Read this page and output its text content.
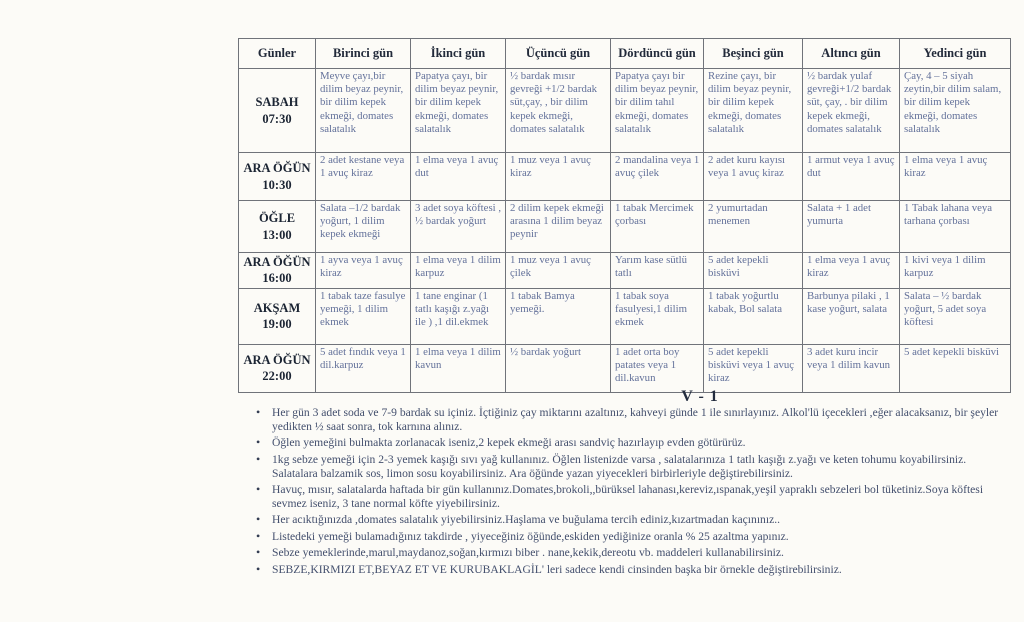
Günler	Birinci gün	İkinci gün	Üçüncü gün	Dördüncü gün	Beşinci gün	Altıncı gün	Yedinci gün

SABAH
07:30	Meyve çayı,bir dilim beyaz peynir, bir dilim kepek ekmeği, domates salatalık	Papatya çayı, bir dilim beyaz peynir, bir dilim kepek ekmeği, domates salatalık	½ bardak mısır gevreği +1/2 bardak süt,çay, , bir dilim kepek ekmeği, domates salatalık	Papatya çayı bir dilim beyaz peynir, bir dilim tahıl ekmeği, domates salatalık	Rezine çayı, bir dilim beyaz peynir, bir dilim kepek ekmeği, domates salatalık	½ bardak yulaf gevreği+1/2 bardak süt, çay, . bir dilim kepek ekmeği, domates salatalık	Çay, 4 – 5 siyah zeytin,bir dilim salam, bir dilim kepek ekmeği, domates salatalık

ARA ÖĞÜN
10:30	2 adet kestane veya 1 avuç kiraz	1 elma veya 1 avuç dut	1 muz veya 1 avuç kiraz	2 mandalina veya 1 avuç çilek	2 adet kuru kayısı veya 1 avuç kiraz	1 armut veya 1 avuç dut	1 elma veya 1 avuç kiraz

ÖĞLE
13:00	Salata –1/2 bardak yoğurt, 1 dilim kepek ekmeği	3 adet soya köftesi , ½ bardak yoğurt	2 dilim kepek ekmeği arasına 1 dilim beyaz peynir	1 tabak Mercimek çorbası	2 yumurtadan menemen	Salata + 1 adet yumurta	1 Tabak lahana veya tarhana çorbası

ARA ÖĞÜN
16:00	1 ayva veya 1 avuç kiraz	1 elma veya 1 dilim karpuz	1 muz veya 1 avuç çilek	Yarım kase sütlü tatlı	5 adet kepekli bisküvi	1 elma veya 1 avuç kiraz	1 kivi veya 1 dilim karpuz

AKŞAM
19:00	1 tabak taze fasulye yemeği, 1 dilim ekmek	1 tane enginar (1 tatlı kaşığı z.yağı ile ) ,1 dil.ekmek	1 tabak Bamya yemeği.	1 tabak soya fasulyesi,1 dilim ekmek	1 tabak yoğurtlu kabak, Bol salata	Barbunya pilaki , 1 kase yoğurt, salata	Salata – ½ bardak yoğurt, 5 adet soya köftesi

ARA ÖĞÜN
22:00	5 adet fındık veya 1 dil.karpuz	1 elma veya 1 dilim kavun	½ bardak yoğurt	1 adet orta boy patates veya 1 dil.kavun	5 adet kepekli bisküvi veya 1 avuç kiraz	3 adet kuru incir veya 1 dilim kavun	5 adet kepekli bisküvi
V - 1
• Her gün 3 adet soda ve 7-9 bardak su içiniz. İçtiğiniz çay miktarını azaltınız, kahveyi günde 1 ile sınırlayınız. Alkol'lü içecekleri ,eğer alacaksanız, bir şeyler yedikten ½ saat sonra, tok karnına alınız.
• Öğlen yemeğini bulmakta zorlanacak iseniz,2 kepek ekmeği arası sandviç hazırlayıp evden götürürüz.
• 1kg sebze yemeği için 2-3 yemek kaşığı sıvı yağ kullanınız. Öğlen listenizde varsa , salatalarınıza 1 tatlı kaşığı z.yağı ve keten tohumu koyabilirsiniz. Salatalara balzamik sos, limon sosu koyabilirsiniz. Ara öğünde yazan yiyecekleri birbirleriyle değiştirebilirsiniz.
• Havuç, mısır, salatalarda haftada bir gün kullanınız.Domates,brokoli,,bürüksel lahanası,kereviz,ıspanak,yeşil yapraklı sebzeleri bol tüketiniz.Soya köftesi sevmez iseniz, 3 tane normal köfte yiyebilirsiniz.
• Her acıktığınızda ,domates salatalık yiyebilirsiniz.Haşlama ve buğulama tercih ediniz,kızartmadan kaçınınız..
• Listedeki yemeği bulamadığınız takdirde , yiyeceğiniz öğünde,eskiden yediğinize oranla % 25 azaltma yapınız.
• Sebze yemeklerinde,marul,maydanoz,soğan,kırmızı biber . nane,kekik,dereotu vb. maddeleri kullanabilirsiniz.
• SEBZE,KIRMIZI ET,BEYAZ ET VE KURUBAKLAGİL' leri sadece kendi cinsinden başka bir örnekle değiştirebilirsiniz.
